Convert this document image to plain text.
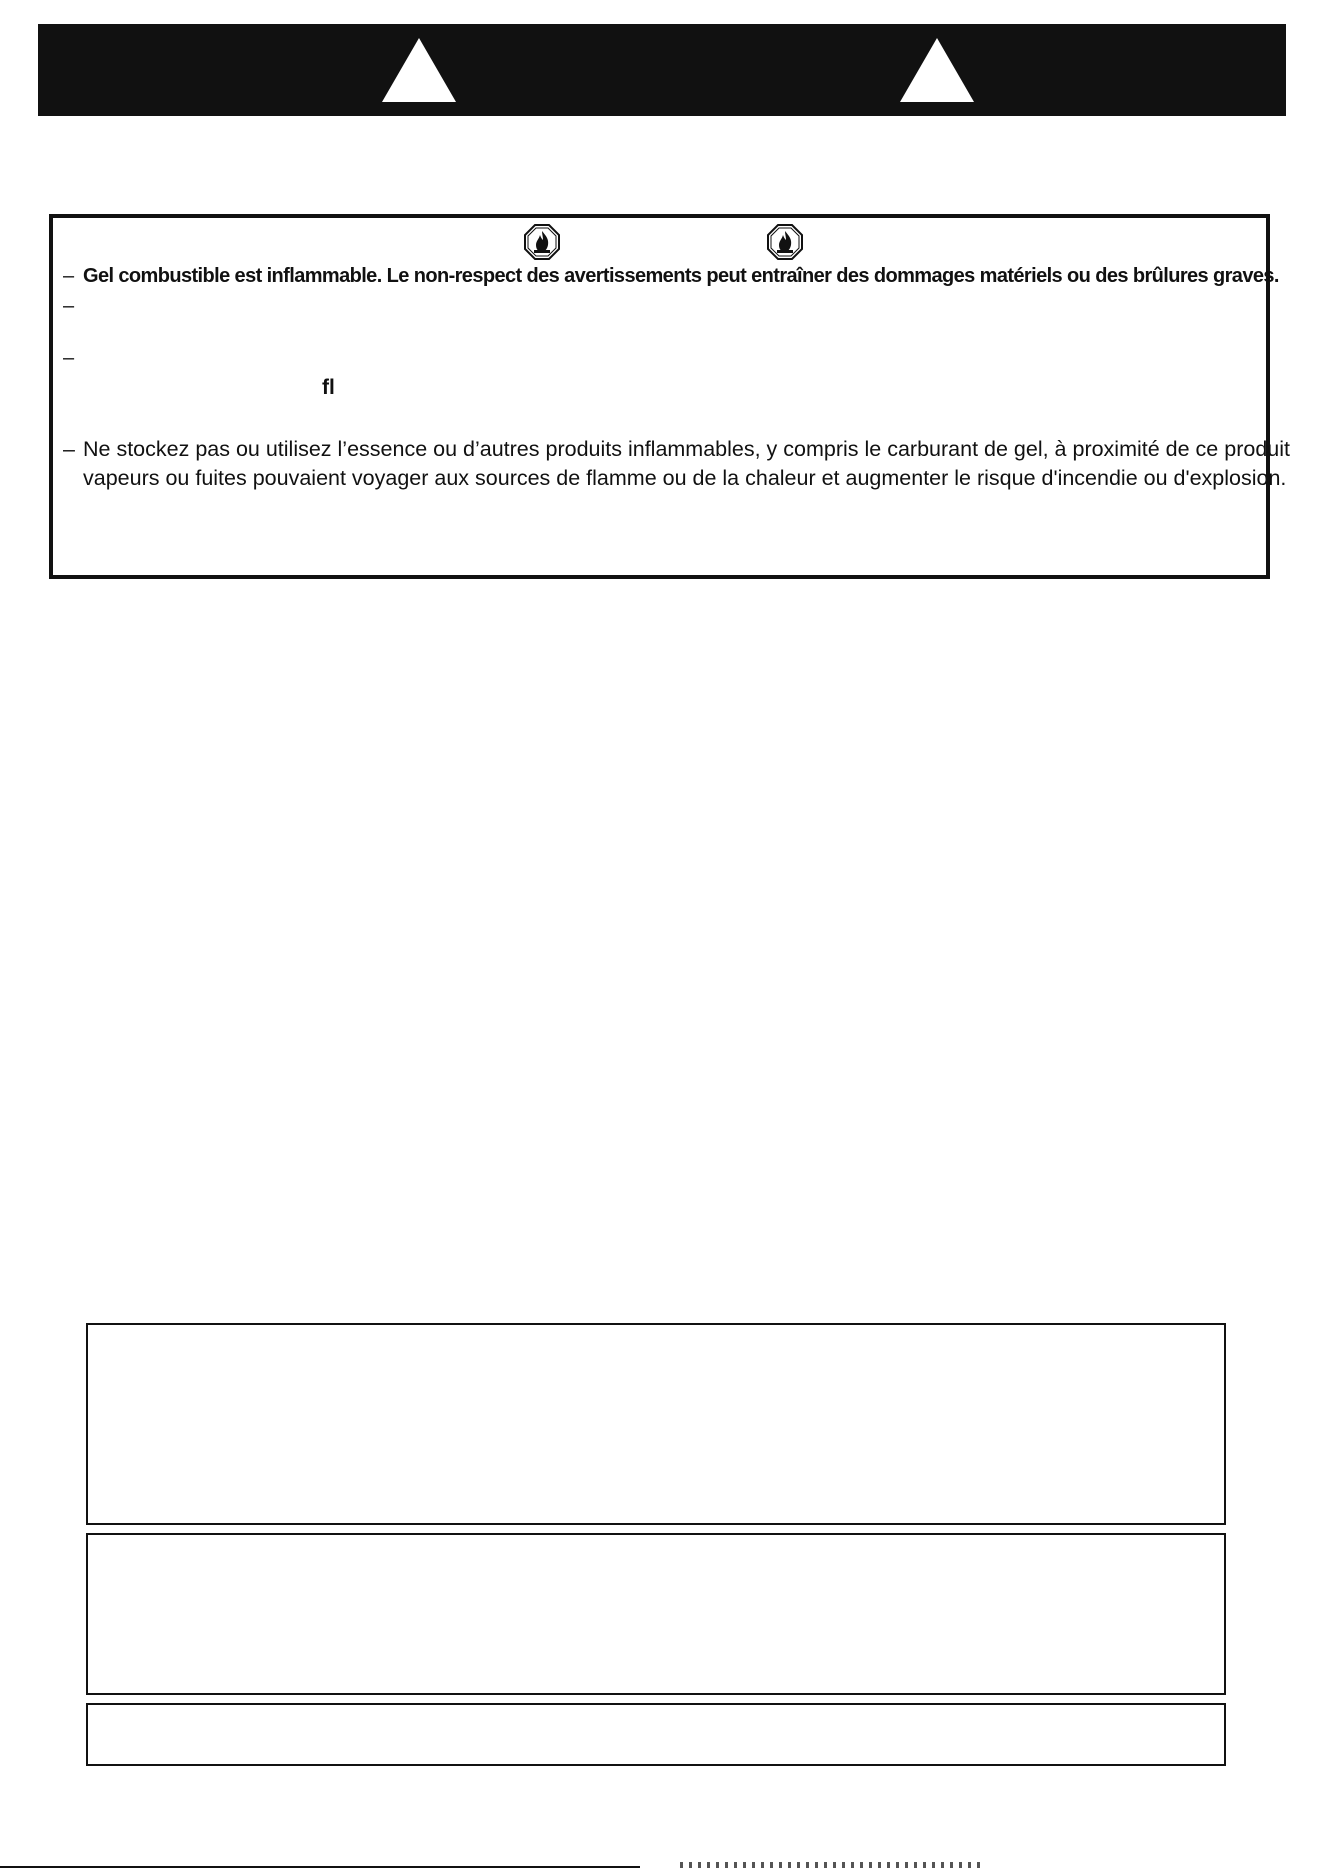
– Gel combustible est inflammable. Le non-respect des avertissements peut entraîner des dommages matériels ou des brûlures graves.
–
–
fl
– Ne stockez pas ou utilisez l’essence ou d’autres produits inflammables, y compris le carburant de gel, à proximité de ce produit
vapeurs ou fuites pouvaient voyager aux sources de flamme ou de la chaleur et augmenter le risque d'incendie ou d'explosion.
